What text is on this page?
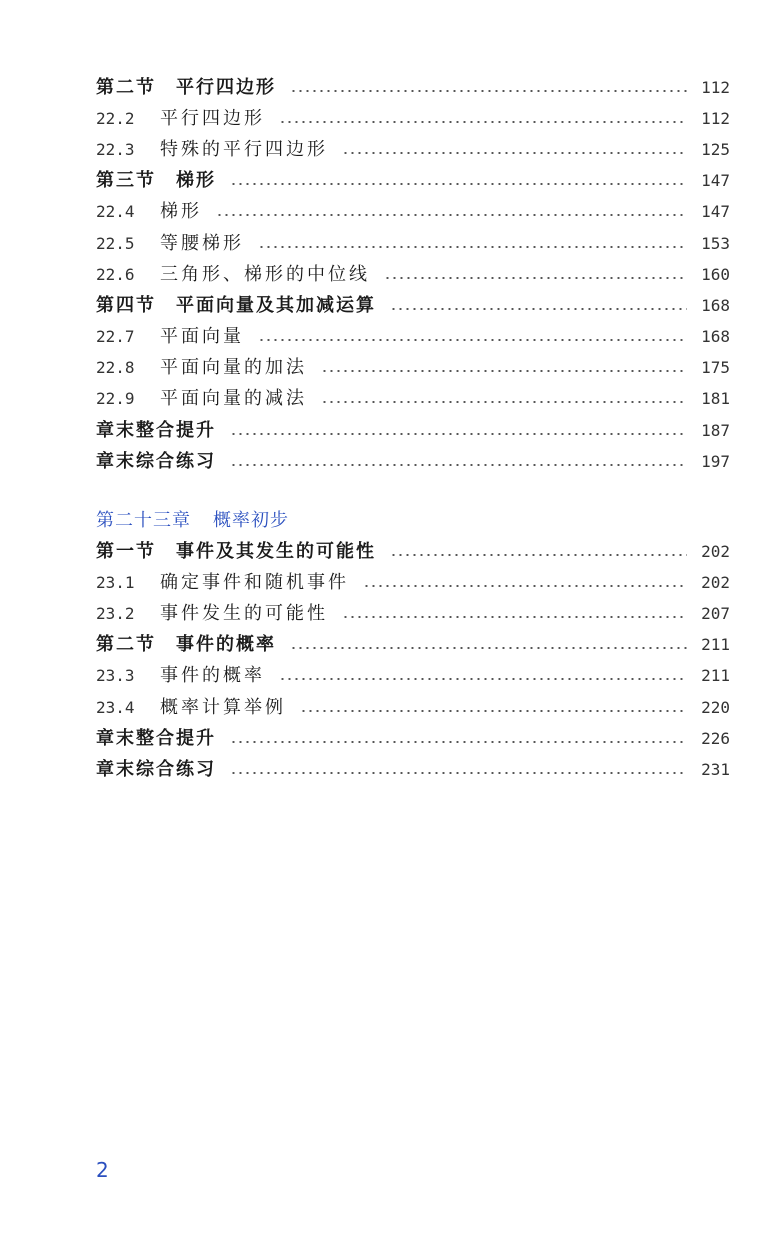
第二节　平行四边形	112
22.2 平行四边形	112
22.3 特殊的平行四边形	125
第三节　梯形	147
22.4 梯形	147
22.5 等腰梯形	153
22.6 三角形、梯形的中位线	160
第四节　平面向量及其加减运算	168
22.7 平面向量	168
22.8 平面向量的加法	175
22.9 平面向量的减法	181
章末整合提升	187
章末综合练习	197
第二十三章 概率初步
第一节　事件及其发生的可能性	202
23.1 确定事件和随机事件	202
23.2 事件发生的可能性	207
第二节　事件的概率	211
23.3 事件的概率	211
23.4 概率计算举例	220
章末整合提升	226
章末综合练习	231
2
